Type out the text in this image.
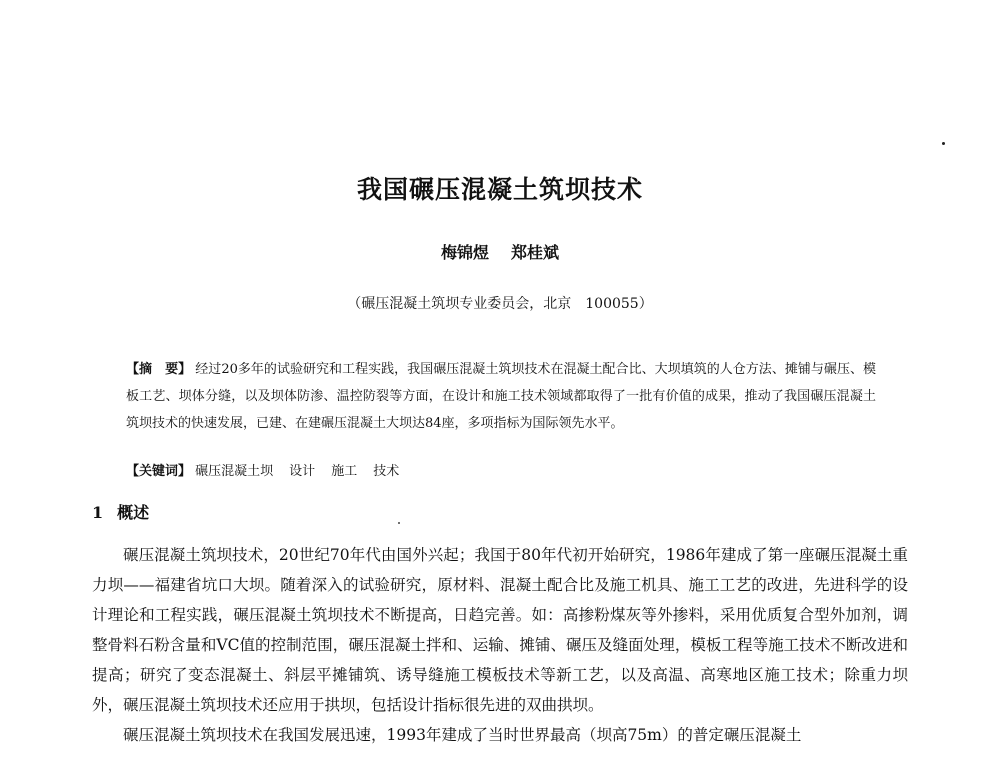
我国碾压混凝土筑坝技术
梅锦煜 郑桂斌
（碾压混凝土筑坝专业委员会，北京　100055）
【摘　要】 经过20多年的试验研究和工程实践，我国碾压混凝土筑坝技术在混凝土配合比、大坝填筑的人仓方法、摊铺与碾压、模板工艺、坝体分缝，以及坝体防渗、温控防裂等方面，在设计和施工技术领域都取得了一批有价值的成果，推动了我国碾压混凝土筑坝技术的快速发展，已建、在建碾压混凝土大坝达84座，多项指标为国际领先水平。
【关键词】 碾压混凝土坝 设计 施工 技术
1 概述

碾压混凝土筑坝技术，20世纪70年代由国外兴起；我国于80年代初开始研究，1986年建成了第一座碾压混凝土重力坝——福建省坑口大坝。随着深入的试验研究，原材料、混凝土配合比及施工机具、施工工艺的改进，先进科学的设计理论和工程实践，碾压混凝土筑坝技术不断提高，日趋完善。如：高掺粉煤灰等外掺料，采用优质复合型外加剂，调整骨料石粉含量和VC值的控制范围，碾压混凝土拌和、运输、摊铺、碾压及缝面处理，模板工程等施工技术不断改进和提高；研究了变态混凝土、斜层平摊铺筑、诱导缝施工模板技术等新工艺，以及高温、高寒地区施工技术；除重力坝外，碾压混凝土筑坝技术还应用于拱坝，包括设计指标很先进的双曲拱坝。

碾压混凝土筑坝技术在我国发展迅速，1993年建成了当时世界最高（坝高75m）的普定碾压混凝土
